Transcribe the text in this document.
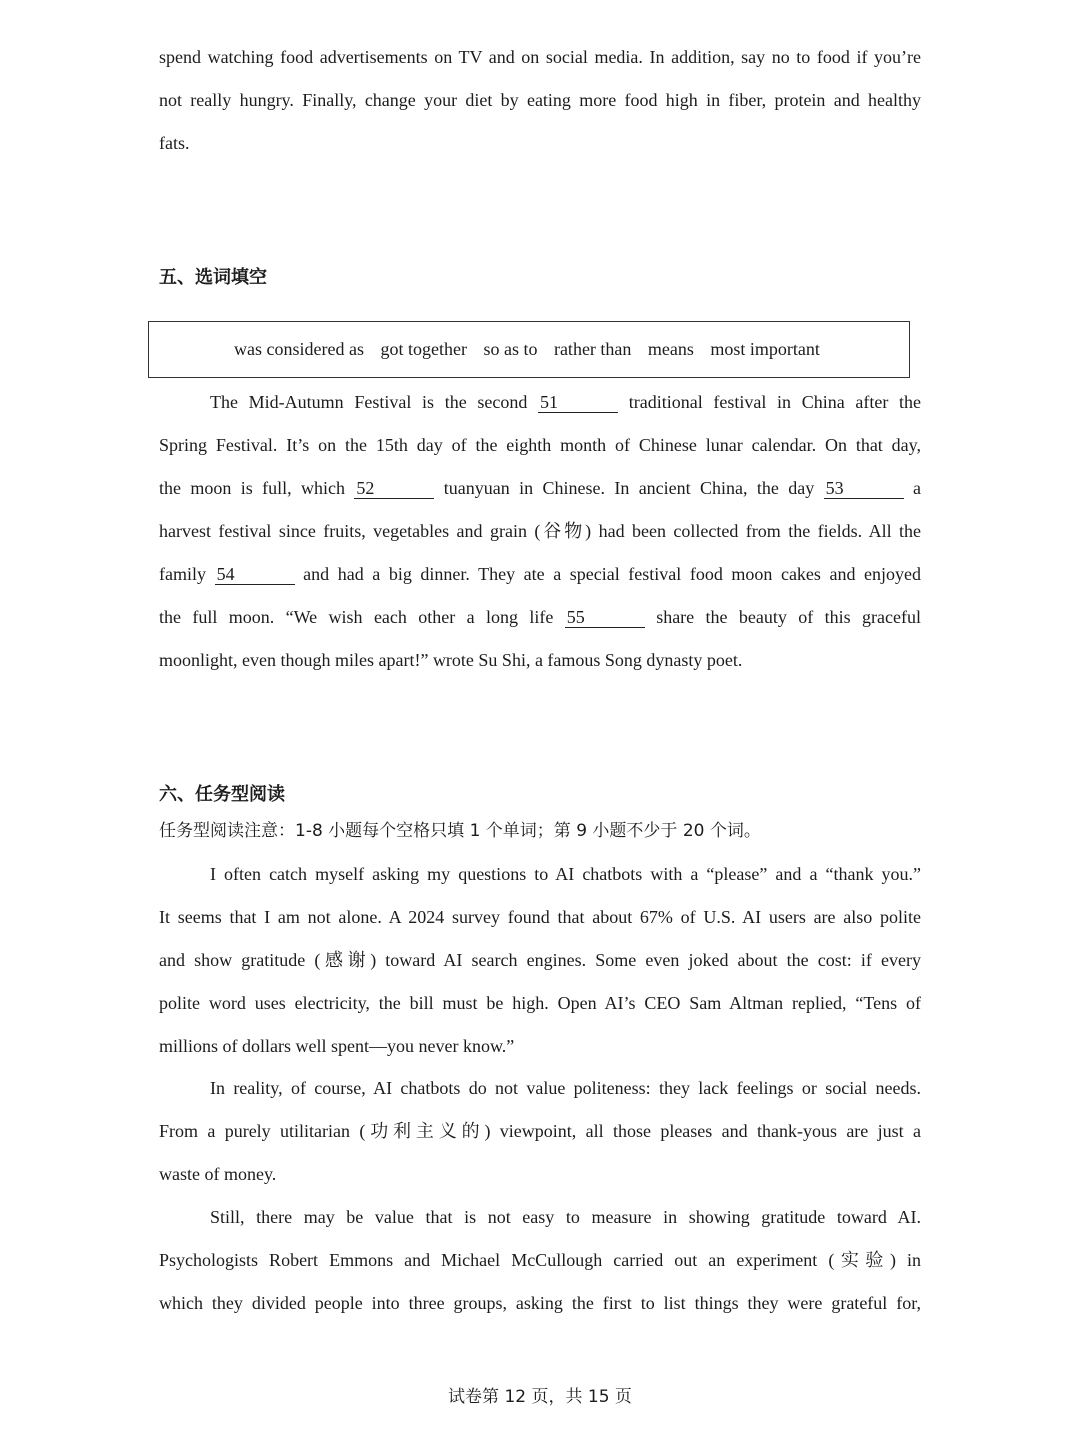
spend watching food advertisements on TV and on social media. In addition, say no to food if you’re
not really hungry. Finally, change your diet by eating more food high in fiber, protein and healthy
fats.
五、选词填空
was considered as got together so as to rather than means most important
The Mid-Autumn Festival is the second 51	traditional festival in China after the
Spring Festival. It’s on the 15th day of the eighth month of Chinese lunar calendar. On that day,
the moon is full, which 52	tuanyuan in Chinese. In ancient China, the day 53	a
harvest festival since fruits, vegetables and grain (谷物) had been collected from the fields. All the
family 54	and had a big dinner. They ate a special festival food moon cakes and enjoyed
the full moon. “We wish each other a long life 55	share the beauty of this graceful
moonlight, even though miles apart!” wrote Su Shi, a famous Song dynasty poet.
六、任务型阅读
任务型阅读注意：1-8 小题每个空格只填 1 个单词；第 9 小题不少于 20 个词。
I often catch myself asking my questions to AI chatbots with a “please” and a “thank you.”
It seems that I am not alone. A 2024 survey found that about 67% of U.S. AI users are also polite
and show gratitude (感谢) toward AI search engines. Some even joked about the cost: if every
polite word uses electricity, the bill must be high. Open AI’s CEO Sam Altman replied, “Tens of
millions of dollars well spent—you never know.”
In reality, of course, AI chatbots do not value politeness: they lack feelings or social needs.
From a purely utilitarian (功利主义的) viewpoint, all those pleases and thank-yous are just a
waste of money.
Still, there may be value that is not easy to measure in showing gratitude toward AI.
Psychologists Robert Emmons and Michael McCullough carried out an experiment (实验) in
which they divided people into three groups, asking the first to list things they were grateful for,
试卷第 12 页，共 15 页
